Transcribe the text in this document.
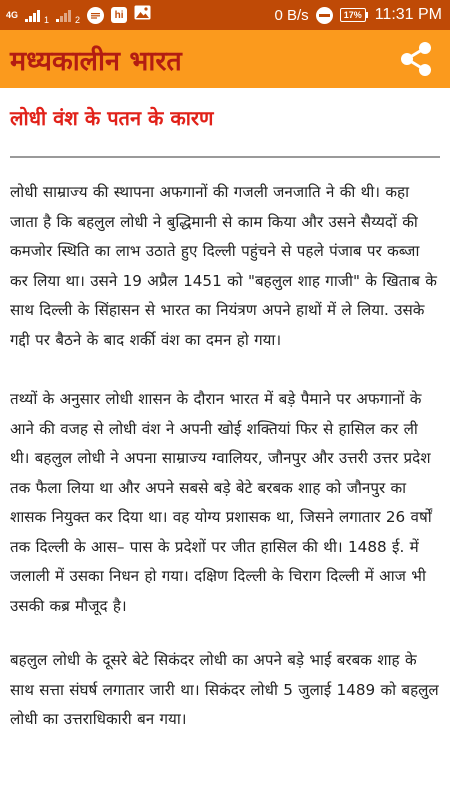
4G
1	2	hi	0 B/s	17% 11:31 PM
मध्यकालीन भारत
लोधी वंश के पतन के कारण

लोधी साम्राज्य की स्थापना अफगानों की गजली जनजाति ने की थी। कहा जाता है कि बहलुल लोधी ने बुद्धिमानी से काम किया और उसने सैय्यदों की कमजोर स्थिति का लाभ उठाते हुए दिल्ली पहुंचने से पहले पंजाब पर कब्जा कर लिया था। उसने 19 अप्रैल 1451 को "बहलुल शाह गाजी" के खिताब के साथ दिल्ली के सिंहासन से भारत का नियंत्रण अपने हाथों में ले लिया. उसके गद्दी पर बैठने के बाद शर्की वंश का दमन हो गया।

तथ्यों के अनुसार लोधी शासन के दौरान भारत में बड़े पैमाने पर अफगानों के आने की वजह से लोधी वंश ने अपनी खोई शक्तियां फिर से हासिल कर ली थी। बहलुल लोधी ने अपना साम्राज्य ग्वालियर, जौनपुर और उत्तरी उत्तर प्रदेश तक फैला लिया था और अपने सबसे बड़े बेटे बरबक शाह को जौनपुर का शासक नियुक्त कर दिया था। वह योग्य प्रशासक था, जिसने लगातार 26 वर्षों तक दिल्ली के आस– पास के प्रदेशों पर जीत हासिल की थी। 1488 ई. में जलाली में उसका निधन हो गया। दक्षिण दिल्ली के चिराग दिल्ली में आज भी उसकी कब्र मौजूद है।

बहलुल लोधी के दूसरे बेटे सिकंदर लोधी का अपने बड़े भाई बरबक शाह के साथ सत्ता संघर्ष लगातार जारी था। सिकंदर लोधी 5 जुलाई 1489 को बहलुल लोधी का उत्तराधिकारी बन गया।
